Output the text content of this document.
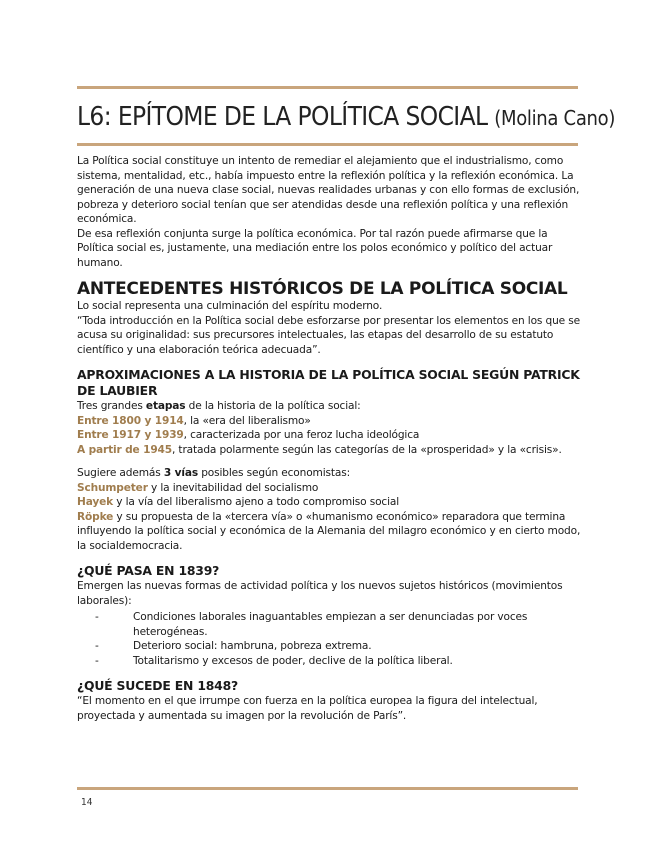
L6: EPÍTOME DE LA POLÍTICA SOCIAL (Molina Cano)

La Política social constituye un intento de remediar el alejamiento que el industrialismo, como sistema, mentalidad, etc., había impuesto entre la reflexión política y la reflexión económica. La generación de una nueva clase social, nuevas realidades urbanas y con ello formas de exclusión, pobreza y deterioro social tenían que ser atendidas desde una reflexión política y una reflexión económica.

De esa reflexión conjunta surge la política económica. Por tal razón puede afirmarse que la Política social es, justamente, una mediación entre los polos económico y político del actuar humano.

ANTECEDENTES HISTÓRICOS DE LA POLÍTICA SOCIAL

Lo social representa una culminación del espíritu moderno.

“Toda introducción en la Política social debe esforzarse por presentar los elementos en los que se acusa su originalidad: sus precursores intelectuales, las etapas del desarrollo de su estatuto científico y una elaboración teórica adecuada”.

APROXIMACIONES A LA HISTORIA DE LA POLÍTICA SOCIAL SEGÚN PATRICK DE LAUBIER

Tres grandes etapas de la historia de la política social:

Entre 1800 y 1914, la «era del liberalismo»

Entre 1917 y 1939, caracterizada por una feroz lucha ideológica

A partir de 1945, tratada polarmente según las categorías de la «prosperidad» y la «crisis».

Sugiere además 3 vías posibles según economistas:

Schumpeter y la inevitabilidad del socialismo

Hayek y la vía del liberalismo ajeno a todo compromiso social

Röpke y su propuesta de la «tercera vía» o «humanismo económico» reparadora que termina influyendo la política social y económica de la Alemania del milagro económico y en cierto modo, la socialdemocracia.

¿QUÉ PASA EN 1839?

Emergen las nuevas formas de actividad política y los nuevos sujetos históricos (movimientos laborales):

- Condiciones laborales inaguantables empiezan a ser denunciadas por voces heterogéneas.
- Deterioro social: hambruna, pobreza extrema.
- Totalitarismo y excesos de poder, declive de la política liberal.
¿QUÉ SUCEDE EN 1848?

“El momento en el que irrumpe con fuerza en la política europea la figura del intelectual, proyectada y aumentada su imagen por la revolución de París”.

14
